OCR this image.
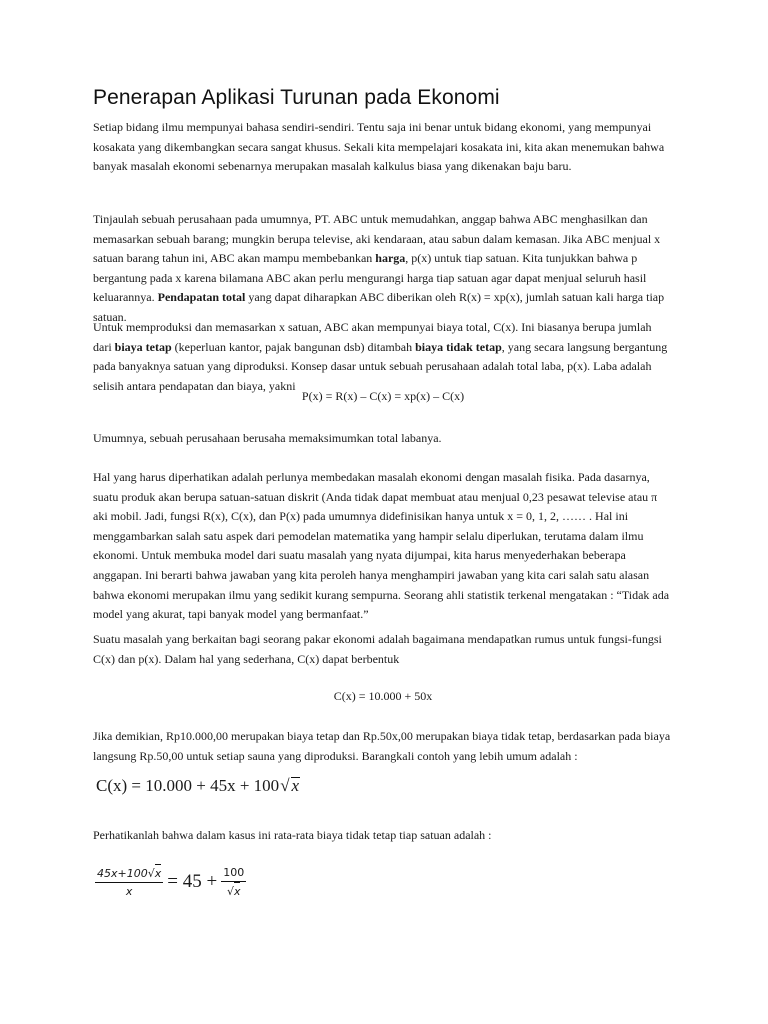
Penerapan Aplikasi Turunan pada Ekonomi

Setiap bidang ilmu mempunyai bahasa sendiri-sendiri. Tentu saja ini benar untuk bidang ekonomi, yang mempunyai kosakata yang dikembangkan secara sangat khusus. Sekali kita mempelajari kosakata ini, kita akan menemukan bahwa banyak masalah ekonomi sebenarnya merupakan masalah kalkulus biasa yang dikenakan baju baru.

Tinjaulah sebuah perusahaan pada umumnya, PT. ABC untuk memudahkan, anggap bahwa ABC menghasilkan dan memasarkan sebuah barang; mungkin berupa televise, aki kendaraan, atau sabun dalam kemasan. Jika ABC menjual x satuan barang tahun ini, ABC akan mampu membebankan harga, p(x) untuk tiap satuan. Kita tunjukkan bahwa p bergantung pada x karena bilamana ABC akan perlu mengurangi harga tiap satuan agar dapat menjual seluruh hasil keluarannya. Pendapatan total yang dapat diharapkan ABC diberikan oleh R(x) = xp(x), jumlah satuan kali harga tiap satuan.

Untuk memproduksi dan memasarkan x satuan, ABC akan mempunyai biaya total, C(x). Ini biasanya berupa jumlah dari biaya tetap (keperluan kantor, pajak bangunan dsb) ditambah biaya tidak tetap, yang secara langsung bergantung pada banyaknya satuan yang diproduksi. Konsep dasar untuk sebuah perusahaan adalah total laba, p(x). Laba adalah selisih antara pendapatan dan biaya, yakni

P(x) = R(x) – C(x) = xp(x) – C(x)

Umumnya, sebuah perusahaan berusaha memaksimumkan total labanya.

Hal yang harus diperhatikan adalah perlunya membedakan masalah ekonomi dengan masalah fisika. Pada dasarnya, suatu produk akan berupa satuan-satuan diskrit (Anda tidak dapat membuat atau menjual 0,23 pesawat televise atau π aki mobil. Jadi, fungsi R(x), C(x), dan P(x) pada umumnya didefinisikan hanya untuk x = 0, 1, 2, …… . Hal ini menggambarkan salah satu aspek dari pemodelan matematika yang hampir selalu diperlukan, terutama dalam ilmu ekonomi. Untuk membuka model dari suatu masalah yang nyata dijumpai, kita harus menyederhakan beberapa anggapan. Ini berarti bahwa jawaban yang kita peroleh hanya menghampiri jawaban yang kita cari salah satu alasan bahwa ekonomi merupakan ilmu yang sedikit kurang sempurna. Seorang ahli statistik terkenal mengatakan : “Tidak ada model yang akurat, tapi banyak model yang bermanfaat.”

Suatu masalah yang berkaitan bagi seorang pakar ekonomi adalah bagaimana mendapatkan rumus untuk fungsi-fungsi C(x) dan p(x). Dalam hal yang sederhana, C(x) dapat berbentuk

C(x) = 10.000 + 50x

Jika demikian, Rp10.000,00 merupakan biaya tetap dan Rp.50x,00 merupakan biaya tidak tetap, berdasarkan pada biaya langsung Rp.50,00 untuk setiap sauna yang diproduksi. Barangkali contoh yang lebih umum adalah :

C(x) = 10.000 + 45x + 100√ x

Perhatikanlah bahwa dalam kasus ini rata-rata biaya tidak tetap tiap satuan adalah :

$\frac{45x+100√x}{x} = 45 + \frac{100}{√x}$
